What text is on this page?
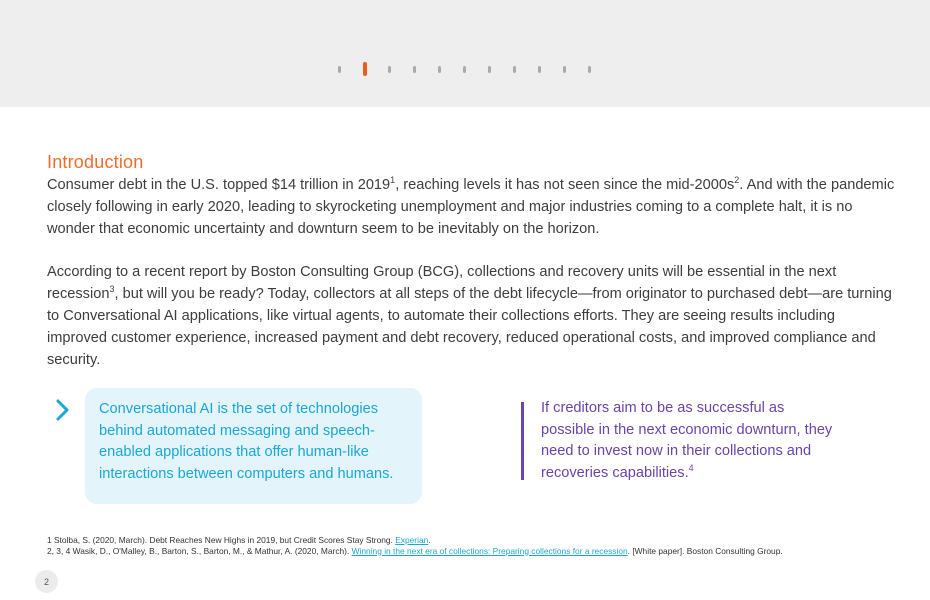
Introduction
Consumer debt in the U.S. topped $14 trillion in 2019$^1$, reaching levels it has not seen since the mid-$2000s^2$. And with the pandemic closely following in early 2020, leading to skyrocketing unemployment and major industries coming to a complete halt, it is no wonder that economic uncertainty and downturn seem to be inevitably on the horizon.
According to a recent report by Boston Consulting Group (BCG), collections and recovery units will be essential in the next recession$^3$, but will you be ready? Today, collectors at all steps of the debt lifecycle—from originator to purchased debt—are turning to Conversational AI applications, like virtual agents, to automate their collections efforts. They are seeing results including improved customer experience, increased payment and debt recovery, reduced operational costs, and improved compliance and security.
Conversational AI is the set of technologies behind automated messaging and speech-enabled applications that offer human-like interactions between computers and humans.
If creditors aim to be as successful as possible in the next economic downturn, they need to invest now in their collections and recoveries capabilities.$^4$
1 Stolba, S. (2020, March). Debt Reaches New Highs in 2019, but Credit Scores Stay Strong. Experian.
2, 3, 4 Wasik, D., O'Malley, B., Barton, S., Barton, M., & Mathur, A. (2020, March). Winning in the next era of collections: Preparing collections for a recession. [White paper]. Boston Consulting Group.
2
